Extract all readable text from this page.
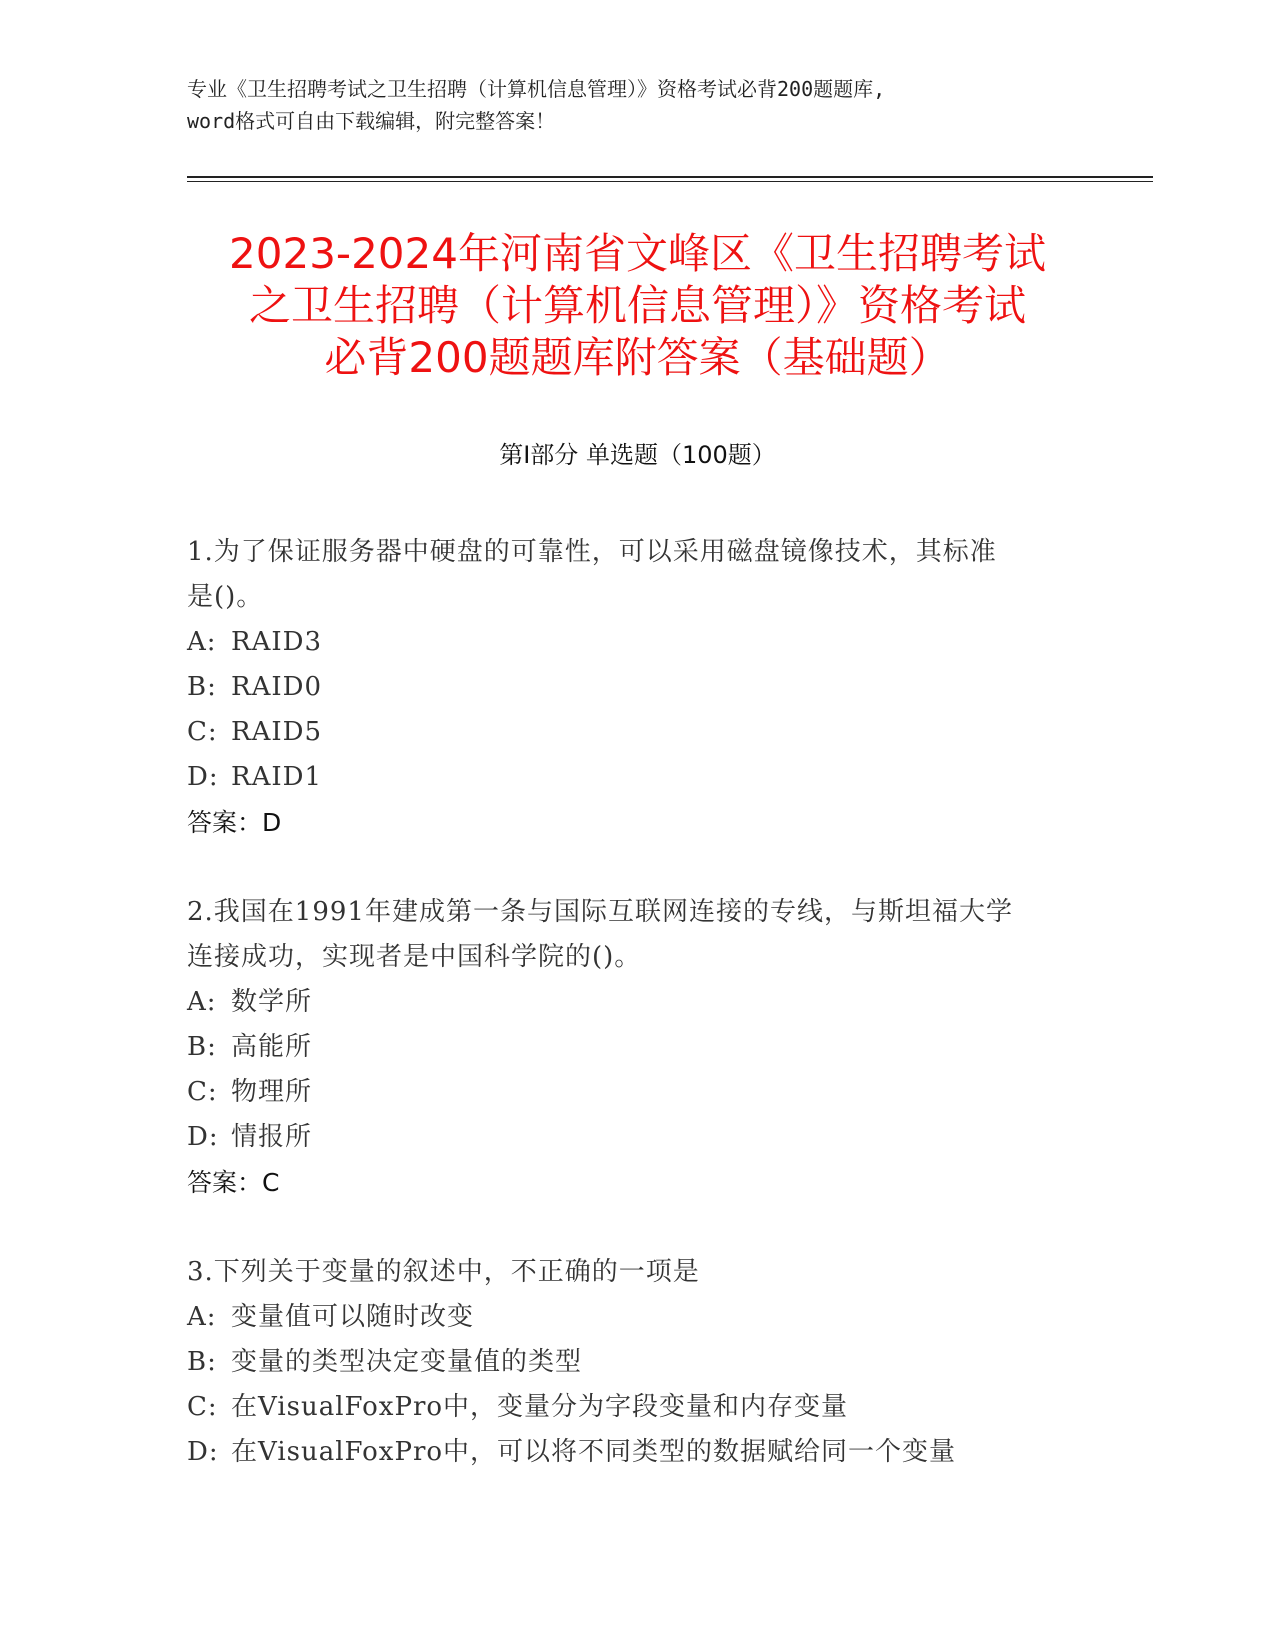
专业《卫生招聘考试之卫生招聘（计算机信息管理）》资格考试必背200题题库,
word格式可自由下载编辑，附完整答案！
2023-2024年河南省文峰区《卫生招聘考试
之卫生招聘（计算机信息管理）》资格考试
必背200题题库附答案（基础题）
第Ⅰ部分 单选题（100题）
1.为了保证服务器中硬盘的可靠性，可以采用磁盘镜像技术，其标准
是()。
A: RAID3
B: RAID0
C: RAID5
D: RAID1
答案：D
2.我国在1991年建成第一条与国际互联网连接的专线，与斯坦福大学
连接成功，实现者是中国科学院的()。
A: 数学所
B: 高能所
C: 物理所
D: 情报所
答案：C
3.下列关于变量的叙述中，不正确的一项是
A: 变量值可以随时改变
B: 变量的类型决定变量值的类型
C: 在VisualFoxPro中，变量分为字段变量和内存变量
D: 在VisualFoxPro中，可以将不同类型的数据赋给同一个变量
